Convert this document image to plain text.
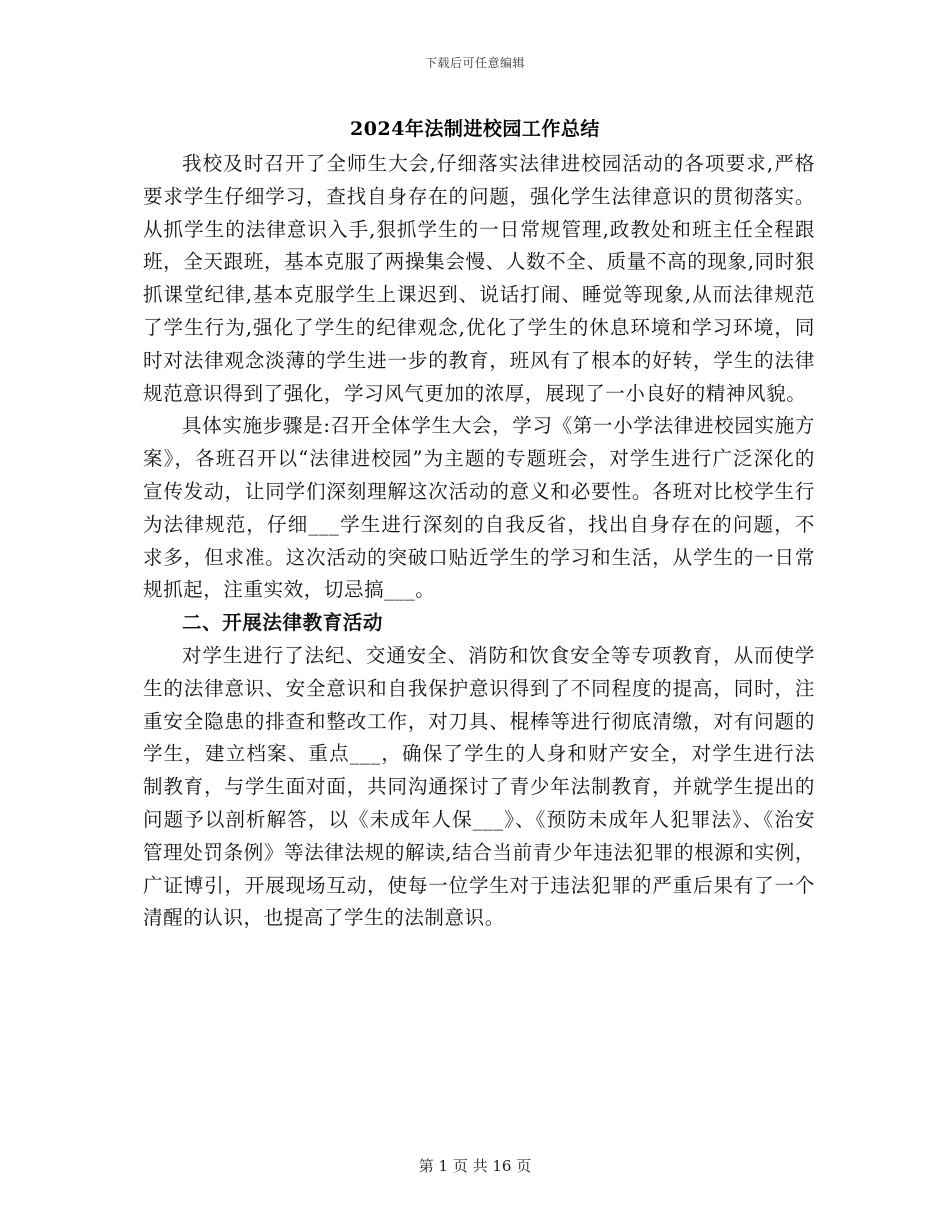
下载后可任意编辑
2024年法制进校园工作总结

我校及时召开了全师生大会,仔细落实法律进校园活动的各项要求,严格要求学生仔细学习，查找自身存在的问题，强化学生法律意识的贯彻落实。从抓学生的法律意识入手,狠抓学生的一日常规管理,政教处和班主任全程跟班，全天跟班，基本克服了两操集会慢、人数不全、质量不高的现象,同时狠抓课堂纪律,基本克服学生上课迟到、说话打闹、睡觉等现象,从而法律规范了学生行为,强化了学生的纪律观念,优化了学生的休息环境和学习环境，同时对法律观念淡薄的学生进一步的教育，班风有了根本的好转，学生的法律规范意识得到了强化，学习风气更加的浓厚，展现了一小良好的精神风貌。

具体实施步骤是:召开全体学生大会，学习《第一小学法律进校园实施方案》，各班召开以“法律进校园”为主题的专题班会，对学生进行广泛深化的宣传发动，让同学们深刻理解这次活动的意义和必要性。各班对比校学生行为法律规范，仔细___学生进行深刻的自我反省，找出自身存在的问题，不求多，但求准。这次活动的突破口贴近学生的学习和生活，从学生的一日常规抓起，注重实效，切忌搞___。

二、开展法律教育活动

对学生进行了法纪、交通安全、消防和饮食安全等专项教育，从而使学生的法律意识、安全意识和自我保护意识得到了不同程度的提高，同时，注重安全隐患的排查和整改工作，对刀具、棍棒等进行彻底清缴，对有问题的学生，建立档案、重点___，确保了学生的人身和财产安全，对学生进行法制教育，与学生面对面，共同沟通探讨了青少年法制教育，并就学生提出的问题予以剖析解答，以《未成年人保___》、《预防未成年人犯罪法》、《治安管理处罚条例》等法律法规的解读,结合当前青少年违法犯罪的根源和实例，广证博引，开展现场互动，使每一位学生对于违法犯罪的严重后果有了一个清醒的认识，也提高了学生的法制意识。

第 1 页 共 16 页
